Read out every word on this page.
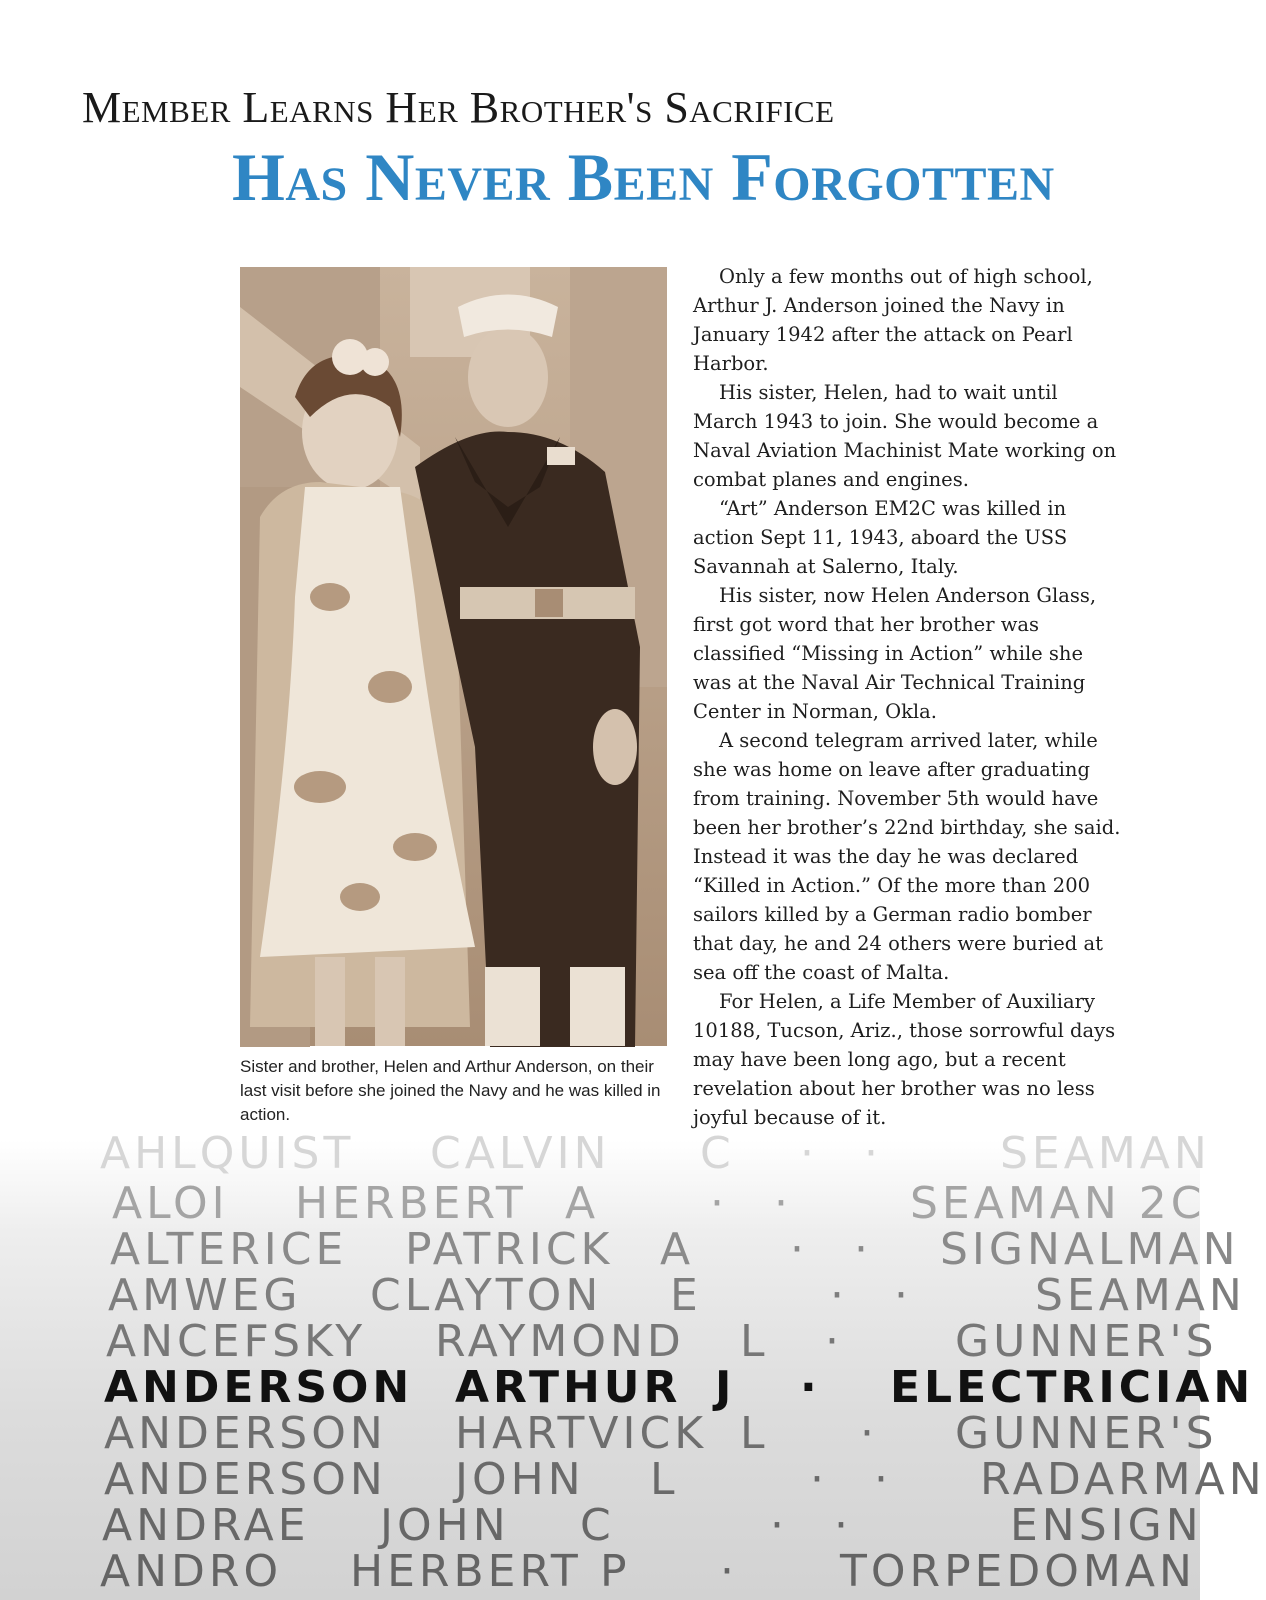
Member Learns Her Brother's Sacrifice
Has Never Been Forgotten

Sister and brother, Helen and Arthur Anderson, on their last visit before she joined the Navy and he was killed in action.

Only a few months out of high school, Arthur J. Anderson joined the Navy in January 1942 after the attack on Pearl Harbor.

His sister, Helen, had to wait until March 1943 to join. She would become a Naval Aviation Machinist Mate working on combat planes and engines.

“Art” Anderson EM2C was killed in action Sept 11, 1943, aboard the USS Savannah at Salerno, Italy.

His sister, now Helen Anderson Glass, first got word that her brother was classified “Missing in Action” while she was at the Naval Air Technical Training Center in Norman, Okla.

A second telegram arrived later, while she was home on leave after graduating from training. November 5th would have been her brother’s 22nd birthday, she said. Instead it was the day he was declared “Killed in Action.” Of the more than 200 sailors killed by a German radio bomber that day, he and 24 others were buried at sea off the coast of Malta.

For Helen, a Life Member of Auxiliary 10188, Tucson, Ariz., those sorrowful days may have been long ago, but a recent revelation about her brother was no less joyful because of it.

AHLQUIST CALVIN C · · SEAMAN
ALOI HERBERT A	· · SEAMAN 2C
ALTERICE PATRICK A · · SIGNALMAN
AMWEG CLAYTON E	· · SEAMAN
ANCEFSKY RAYMOND L · GUNNER'S
ANDERSON ARTHUR J · ELECTRICIAN
ANDERSON HARTVICK L · GUNNER'S
ANDERSON JOHN L	· · RADARMAN
ANDRAE JOHN C	· ·	ENSIGN
ANDRO HERBERT P · TORPEDOMAN
